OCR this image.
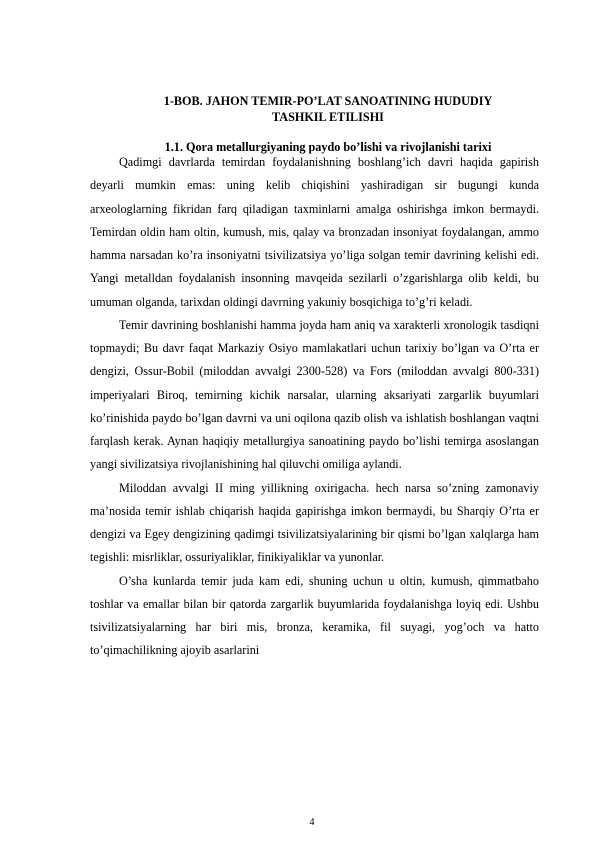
1-BOB. JAHON TEMIR-PO’LAT SANOATINING HUDUDIY
TASHKIL ETILISHI
1.1. Qora metallurgiyaning paydo bo’lishi va rivojlanishi tarixi

Qadimgi davrlarda temirdan foydalanishning boshlang’ich davri haqida gapirish deyarli mumkin emas: uning kelib chiqishini yashiradigan sir bugungi kunda arxeologlarning fikridan farq qiladigan taxminlarni amalga oshirishga imkon bermaydi. Temirdan oldin ham oltin, kumush, mis, qalay va bronzadan insoniyat foydalangan, ammo hamma narsadan ko’ra insoniyatni tsivilizatsiya yo’liga solgan temir davrining kelishi edi. Yangi metalldan foydalanish insonning mavqeida sezilarli o’zgarishlarga olib keldi, bu umuman olganda, tarixdan oldingi davrning yakuniy bosqichiga to’g’ri keladi.

Temir davrining boshlanishi hamma joyda ham aniq va xarakterli xronologik tasdiqni topmaydi; Bu davr faqat Markaziy Osiyo mamlakatlari uchun tarixiy bo’lgan va O’rta er dengizi, Ossur-Bobil (miloddan avvalgi 2300-528) va Fors (miloddan avvalgi 800-331) imperiyalari Biroq, temirning kichik narsalar, ularning aksariyati zargarlik buyumlari ko’rinishida paydo bo’lgan davrni va uni oqilona qazib olish va ishlatish boshlangan vaqtni farqlash kerak. Aynan haqiqiy metallurgiya sanoatining paydo bo’lishi temirga asoslangan yangi sivilizatsiya rivojlanishining hal qiluvchi omiliga aylandi.

Miloddan avvalgi II ming yillikning oxirigacha. hech narsa so’zning zamonaviy ma’nosida temir ishlab chiqarish haqida gapirishga imkon bermaydi, bu Sharqiy O’rta er dengizi va Egey dengizining qadimgi tsivilizatsiyalarining bir qismi bo’lgan xalqlarga ham tegishli: misrliklar, ossuriyaliklar, finikiyaliklar va yunonlar.

O’sha kunlarda temir juda kam edi, shuning uchun u oltin, kumush, qimmatbaho toshlar va emallar bilan bir qatorda zargarlik buyumlarida foydalanishga loyiq edi. Ushbu tsivilizatsiyalarning har biri mis, bronza, keramika, fil suyagi, yog’och va hatto to’qimachilikning ajoyib asarlarini

4
